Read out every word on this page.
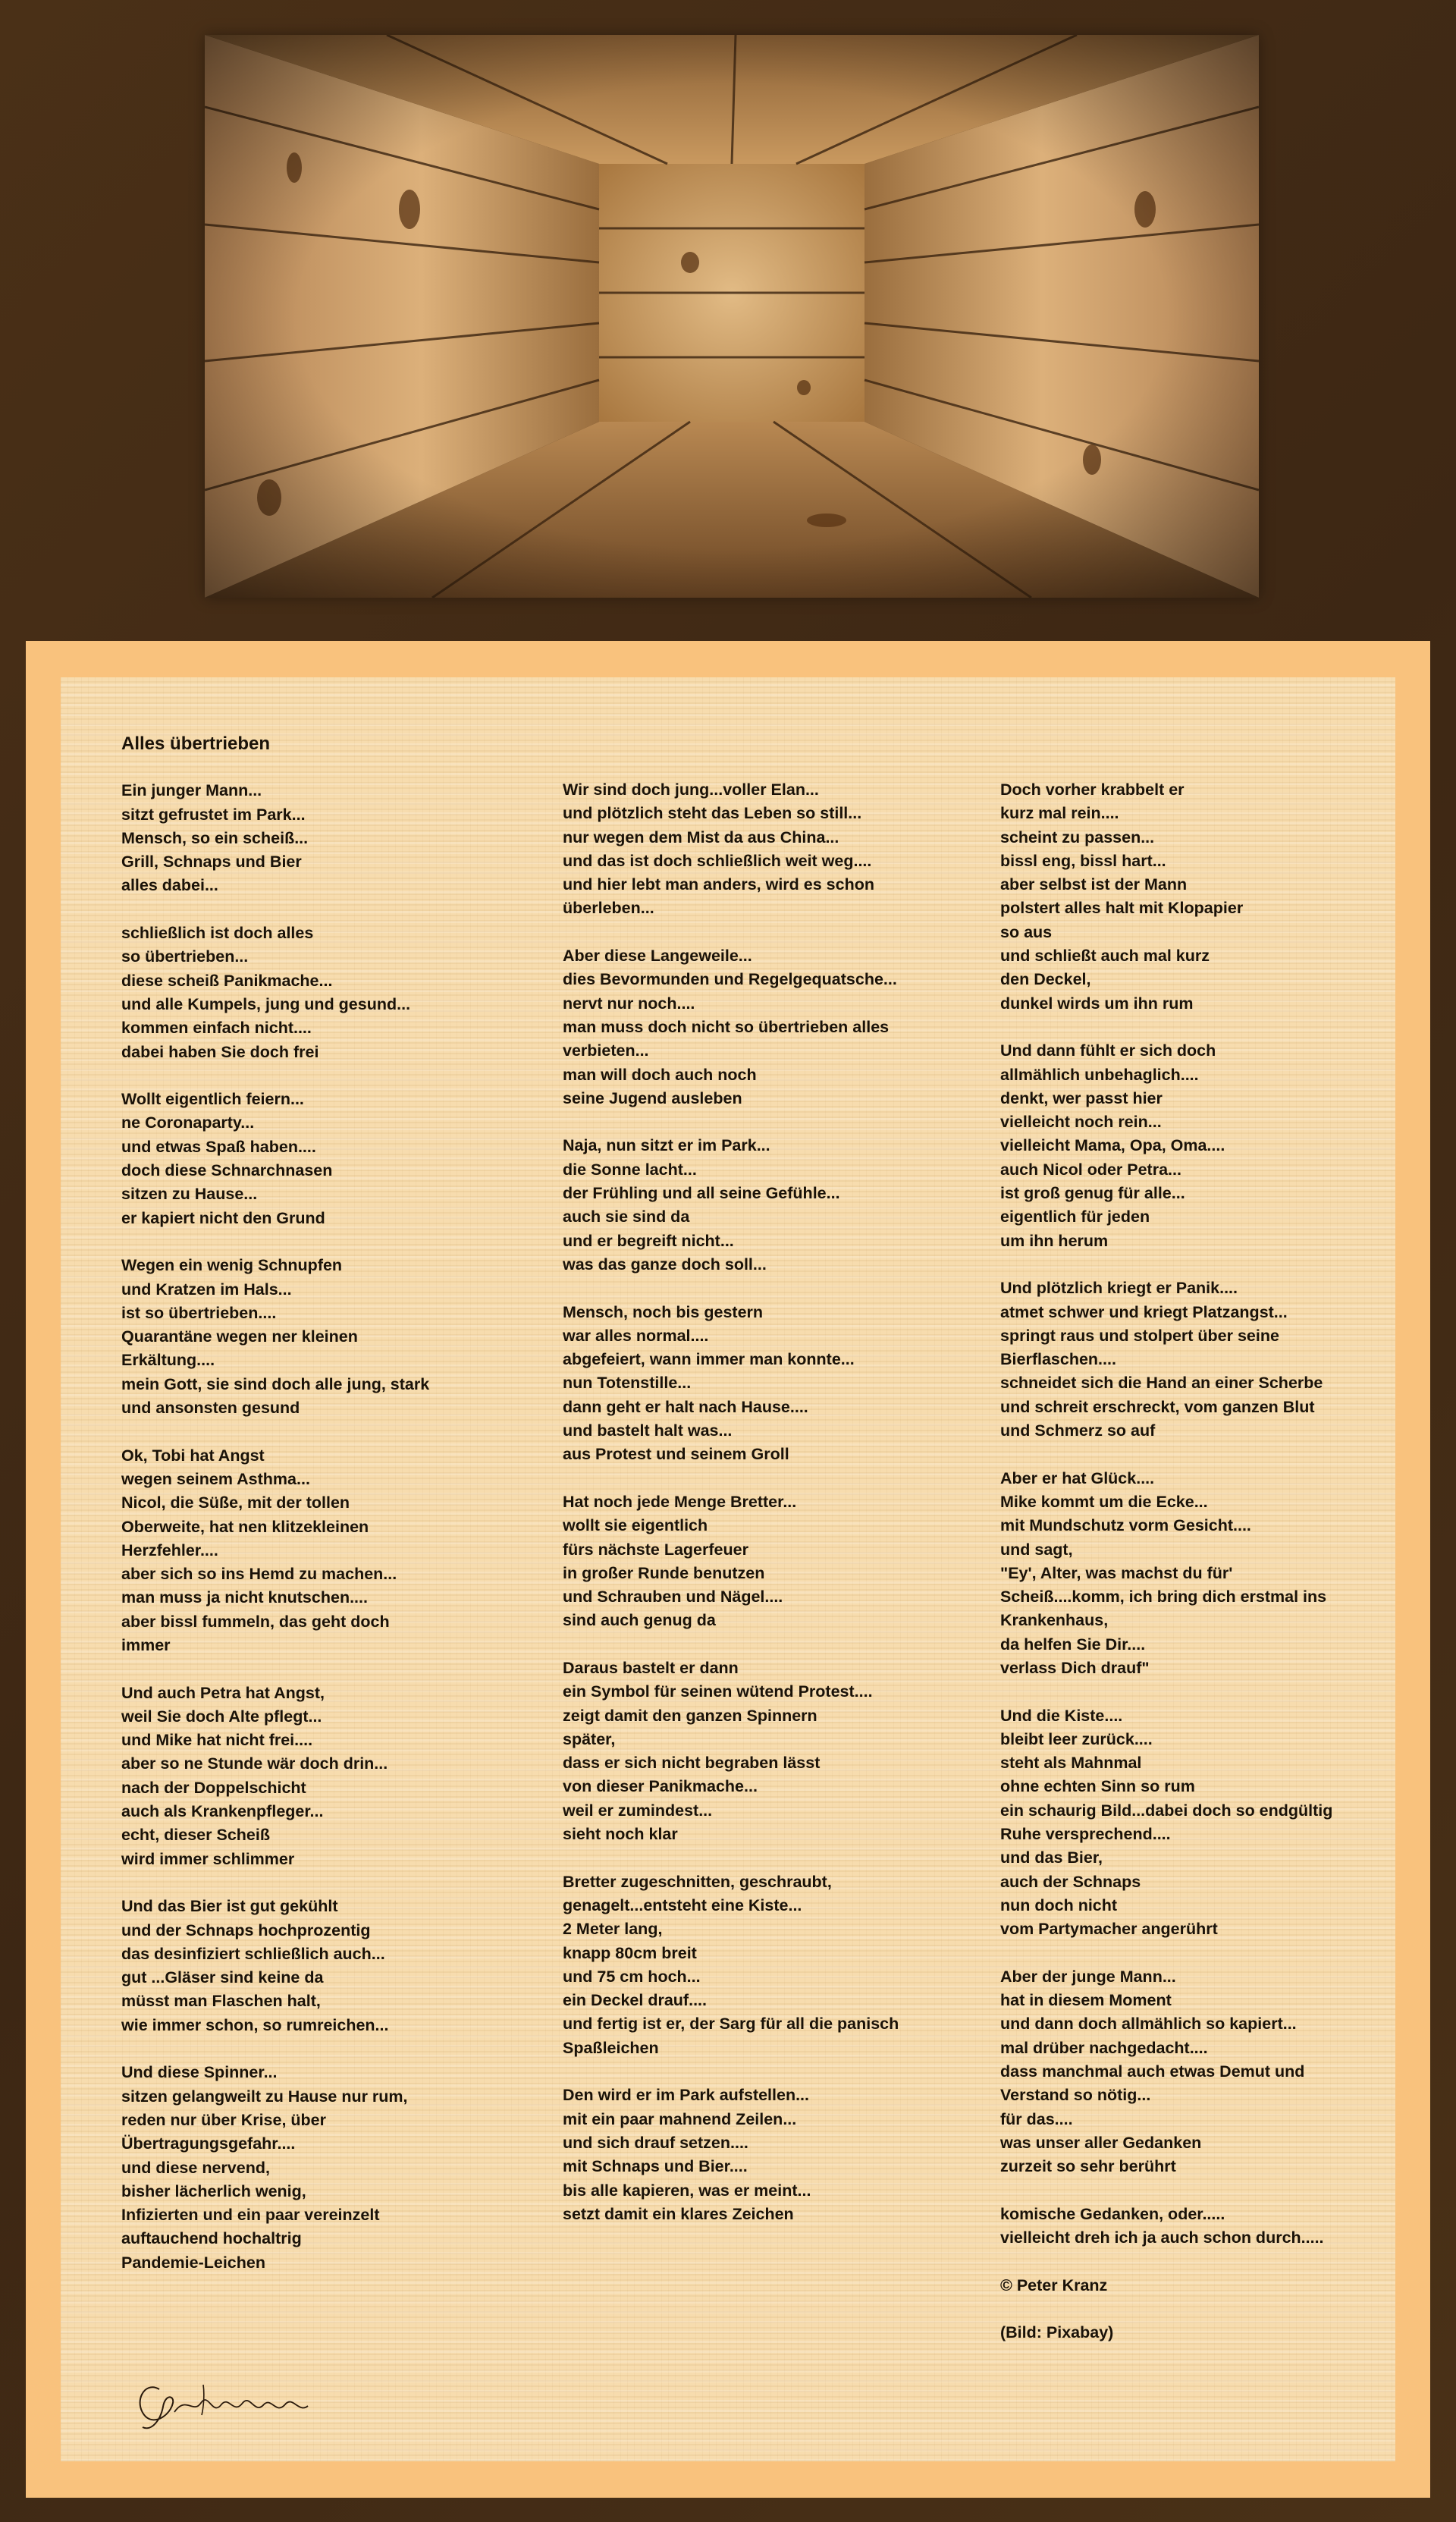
Alles übertrieben
Ein junger Mann...
sitzt gefrustet im Park...
Mensch, so ein scheiß...
Grill, Schnaps und Bier
alles dabei...
schließlich ist doch alles
so übertrieben...
diese scheiß Panikmache...
und alle Kumpels, jung und gesund...
kommen einfach nicht....
dabei haben Sie doch frei
Wollt eigentlich feiern...
ne Coronaparty...
und etwas Spaß haben....
doch diese Schnarchnasen
sitzen zu Hause...
er kapiert nicht den Grund
Wegen ein wenig Schnupfen
und Kratzen im Hals...
ist so übertrieben....
Quarantäne wegen ner kleinen
Erkältung....
mein Gott, sie sind doch alle jung, stark
und ansonsten gesund
Ok, Tobi hat Angst
wegen seinem Asthma...
Nicol, die Süße, mit der tollen
Oberweite, hat nen klitzekleinen
Herzfehler....
aber sich so ins Hemd zu machen...
man muss ja nicht knutschen....
aber bissl fummeln, das geht doch
immer
Und auch Petra hat Angst,
weil Sie doch Alte pflegt...
und Mike hat nicht frei....
aber so ne Stunde wär doch drin...
nach der Doppelschicht
auch als Krankenpfleger...
echt, dieser Scheiß
wird immer schlimmer
Und das Bier ist gut gekühlt
und der Schnaps hochprozentig
das desinfiziert schließlich auch...
gut ...Gläser sind keine da
müsst man Flaschen halt,
wie immer schon, so rumreichen...
Und diese Spinner...
sitzen gelangweilt zu Hause nur rum,
reden nur über Krise, über
Übertragungsgefahr....
und diese nervend,
bisher lächerlich wenig,
Infizierten und ein paar vereinzelt
auftauchend hochaltrig
Pandemie-Leichen
Wir sind doch jung...voller Elan...
und plötzlich steht das Leben so still...
nur wegen dem Mist da aus China...
und das ist doch schließlich weit weg....
und hier lebt man anders, wird es schon
überleben...
Aber diese Langeweile...
dies Bevormunden und Regelgequatsche...
nervt nur noch....
man muss doch nicht so übertrieben alles
verbieten...
man will doch auch noch
seine Jugend ausleben
Naja, nun sitzt er im Park...
die Sonne lacht...
der Frühling und all seine Gefühle...
auch sie sind da
und er begreift nicht...
was das ganze doch soll...
Mensch, noch bis gestern
war alles normal....
abgefeiert, wann immer man konnte...
nun Totenstille...
dann geht er halt nach Hause....
und bastelt halt was...
aus Protest und seinem Groll
Hat noch jede Menge Bretter...
wollt sie eigentlich
fürs nächste Lagerfeuer
in großer Runde benutzen
und Schrauben und Nägel....
sind auch genug da
Daraus bastelt er dann
ein Symbol für seinen wütend Protest....
zeigt damit den ganzen Spinnern
später,
dass er sich nicht begraben lässt
von dieser Panikmache...
weil er zumindest...
sieht noch klar
Bretter zugeschnitten, geschraubt,
genagelt...entsteht eine Kiste...
2 Meter lang,
knapp 80cm breit
und 75 cm hoch...
ein Deckel drauf....
und fertig ist er, der Sarg für all die panisch
Spaßleichen
Den wird er im Park aufstellen...
mit ein paar mahnend Zeilen...
und sich drauf setzen....
mit Schnaps und Bier....
bis alle kapieren, was er meint...
setzt damit ein klares Zeichen
Doch vorher krabbelt er
kurz mal rein....
scheint zu passen...
bissl eng, bissl hart...
aber selbst ist der Mann
polstert alles halt mit Klopapier
so aus
und schließt auch mal kurz
den Deckel,
dunkel wirds um ihn rum
Und dann fühlt er sich doch
allmählich unbehaglich....
denkt, wer passt hier
vielleicht noch rein...
vielleicht Mama, Opa, Oma....
auch Nicol oder Petra...
ist groß genug für alle...
eigentlich für jeden
um ihn herum
Und plötzlich kriegt er Panik....
atmet schwer und kriegt Platzangst...
springt raus und stolpert über seine
Bierflaschen....
schneidet sich die Hand an einer Scherbe
und schreit erschreckt, vom ganzen Blut
und Schmerz so auf
Aber er hat Glück....
Mike kommt um die Ecke...
mit Mundschutz vorm Gesicht....
und sagt,
"Ey', Alter, was machst du für'
Scheiß....komm, ich bring dich erstmal ins
Krankenhaus,
da helfen Sie Dir....
verlass Dich drauf"
Und die Kiste....
bleibt leer zurück....
steht als Mahnmal
ohne echten Sinn so rum
ein schaurig Bild...dabei doch so endgültig
Ruhe versprechend....
und das Bier,
auch der Schnaps
nun doch nicht
vom Partymacher angerührt
Aber der junge Mann...
hat in diesem Moment
und dann doch allmählich so kapiert...
mal drüber nachgedacht....
dass manchmal auch etwas Demut und
Verstand so nötig...
für das....
was unser aller Gedanken
zurzeit so sehr berührt
komische Gedanken, oder.....
vielleicht dreh ich ja auch schon durch.....
© Peter Kranz
(Bild: Pixabay)
